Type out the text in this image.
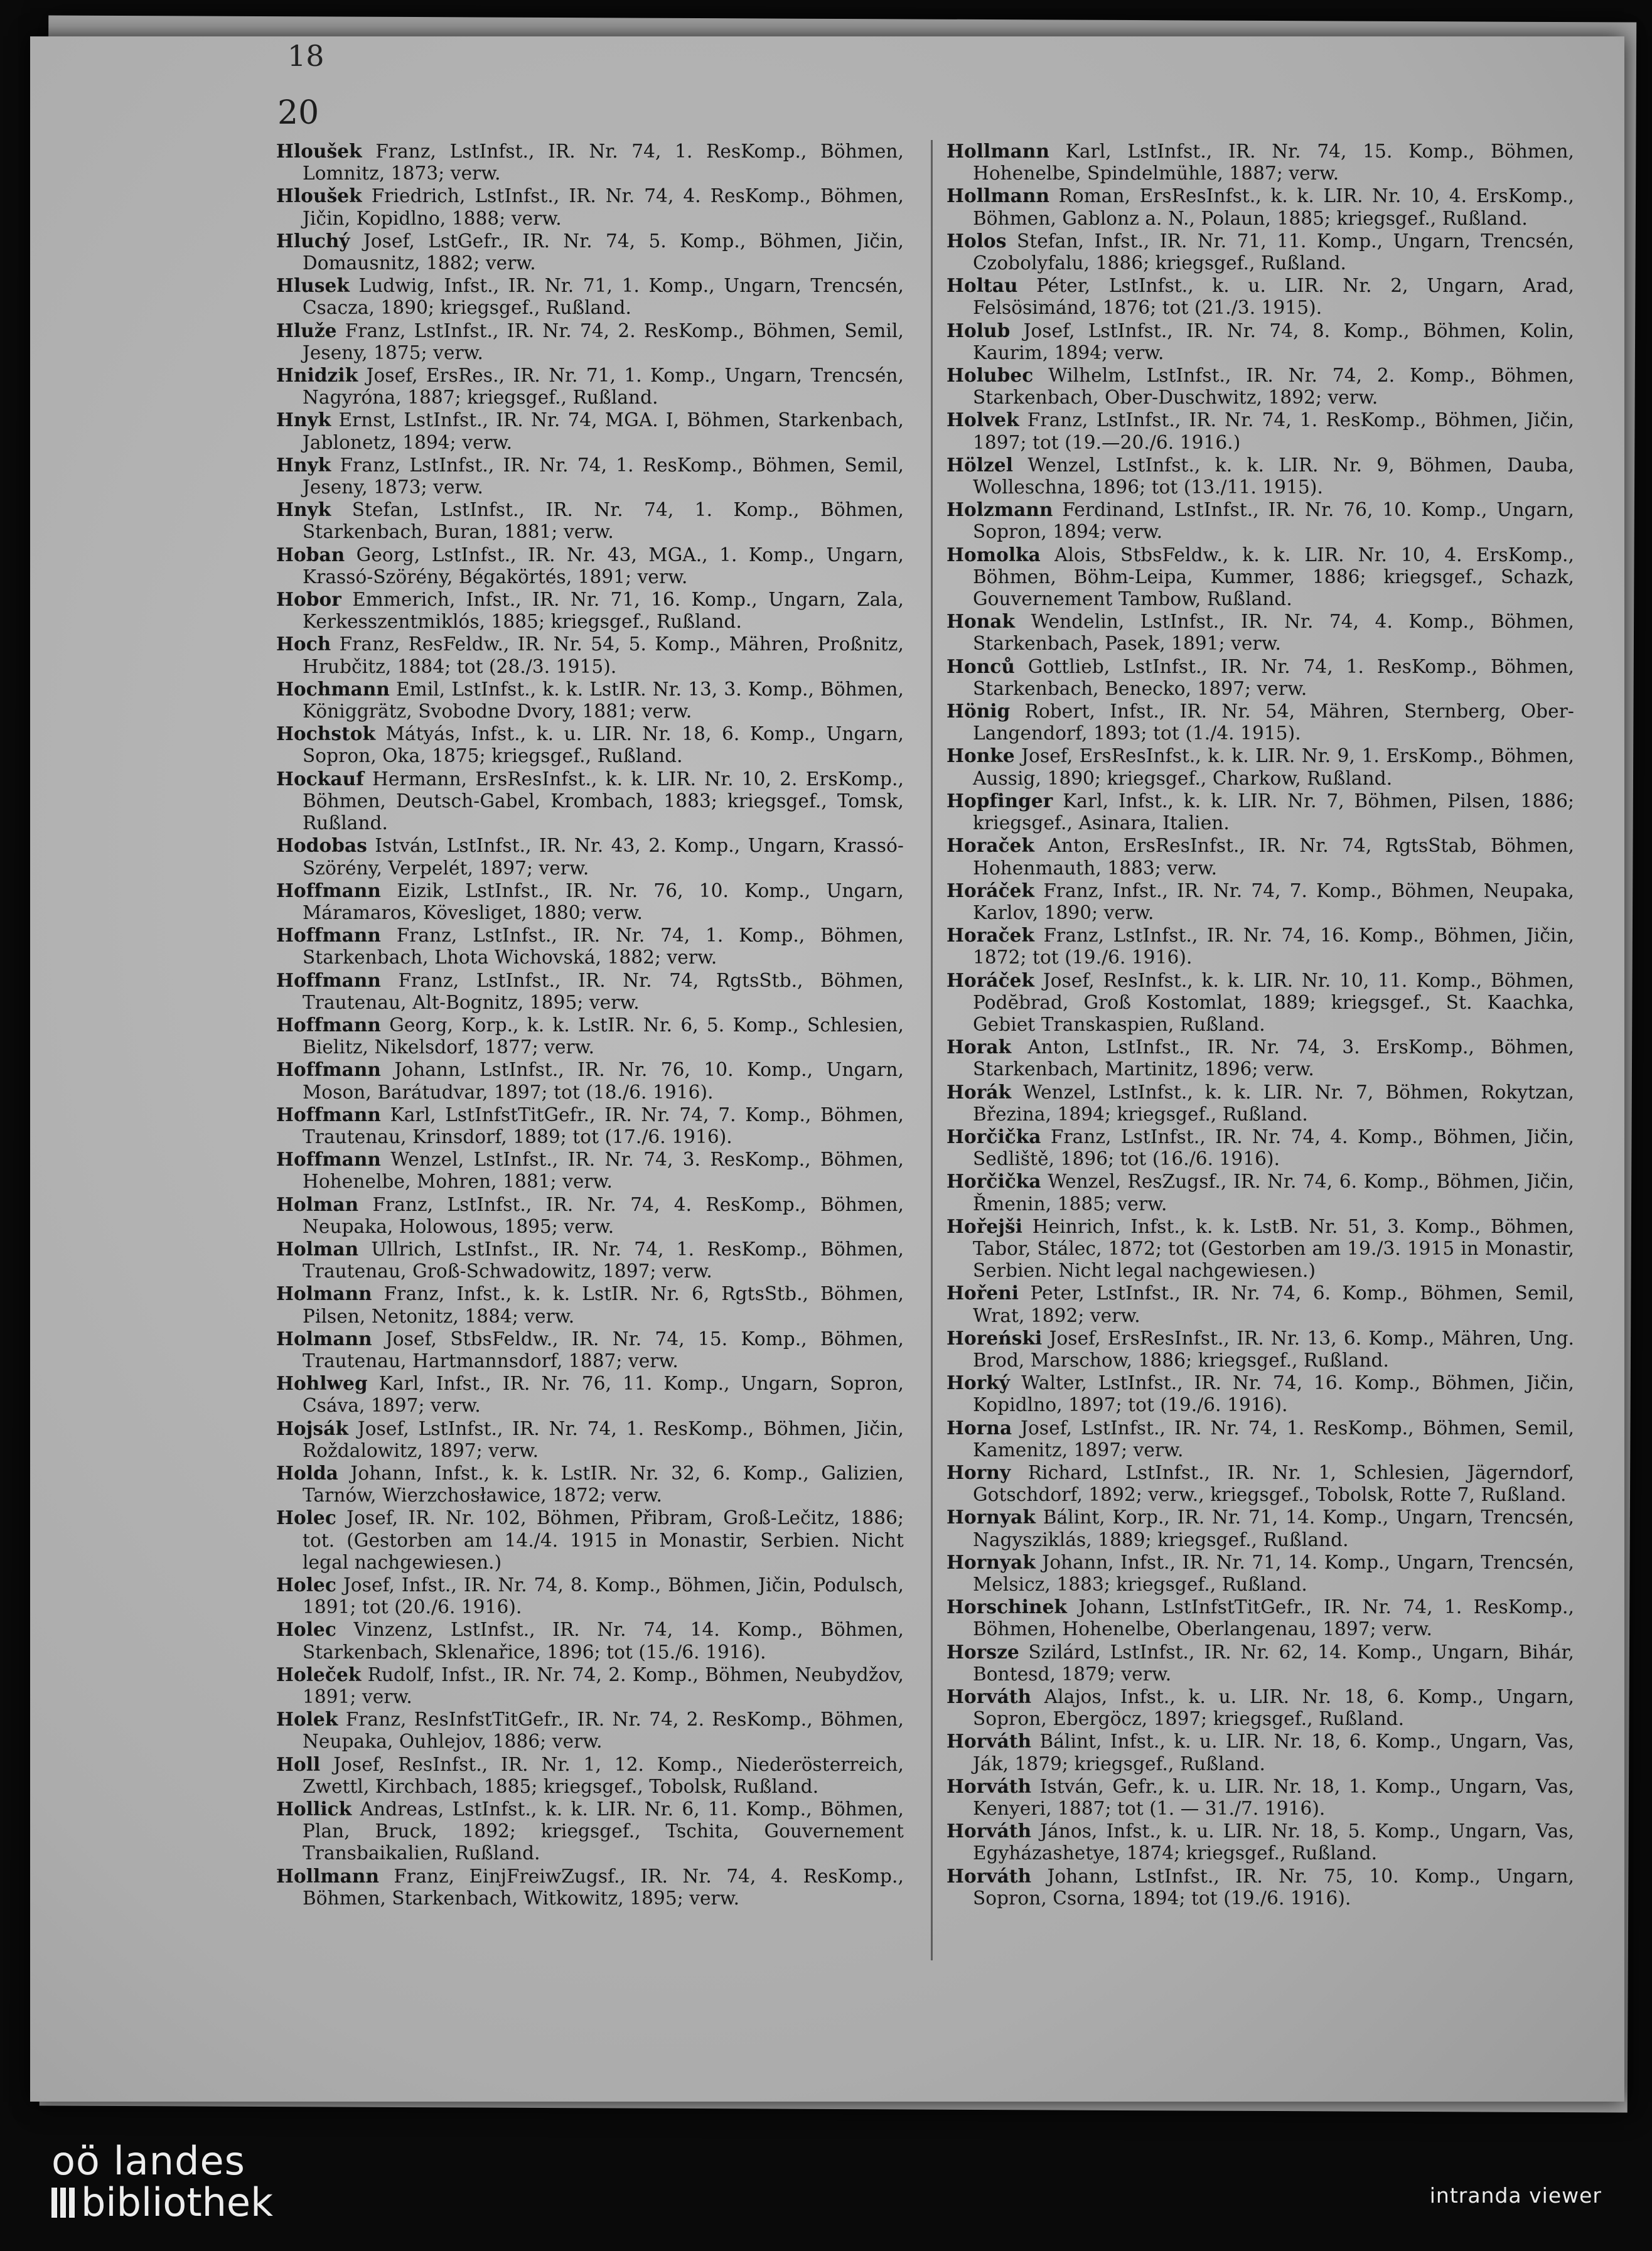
18
20

Hloušek Franz, LstInfst., IR. Nr. 74, 1. ResKomp., Böhmen, Lomnitz, 1873; verw.

Hloušek Friedrich, LstInfst., IR. Nr. 74, 4. ResKomp., Böhmen, Jičin, Kopidlno, 1888; verw.

Hluchý Josef, LstGefr., IR. Nr. 74, 5. Komp., Böhmen, Jičin, Domausnitz, 1882; verw.

Hlusek Ludwig, Infst., IR. Nr. 71, 1. Komp., Ungarn, Trencsén, Csacza, 1890; kriegsgef., Rußland.

Hluže Franz, LstInfst., IR. Nr. 74, 2. ResKomp., Böhmen, Semil, Jeseny, 1875; verw.

Hnidzik Josef, ErsRes., IR. Nr. 71, 1. Komp., Ungarn, Trencsén, Nagyróna, 1887; kriegsgef., Rußland.

Hnyk Ernst, LstInfst., IR. Nr. 74, MGA. I, Böhmen, Starkenbach, Jablonetz, 1894; verw.

Hnyk Franz, LstInfst., IR. Nr. 74, 1. ResKomp., Böhmen, Semil, Jeseny, 1873; verw.

Hnyk Stefan, LstInfst., IR. Nr. 74, 1. Komp., Böhmen, Starkenbach, Buran, 1881; verw.

Hoban Georg, LstInfst., IR. Nr. 43, MGA., 1. Komp., Ungarn, Krassó-Szörény, Bégakörtés, 1891; verw.

Hobor Emmerich, Infst., IR. Nr. 71, 16. Komp., Ungarn, Zala, Kerkesszentmiklós, 1885; kriegsgef., Rußland.

Hoch Franz, ResFeldw., IR. Nr. 54, 5. Komp., Mähren, Proßnitz, Hrubčitz, 1884; tot (28./3. 1915).

Hochmann Emil, LstInfst., k. k. LstIR. Nr. 13, 3. Komp., Böhmen, Königgrätz, Svobodne Dvory, 1881; verw.

Hochstok Mátyás, Infst., k. u. LIR. Nr. 18, 6. Komp., Ungarn, Sopron, Oka, 1875; kriegsgef., Rußland.

Hockauf Hermann, ErsResInfst., k. k. LIR. Nr. 10, 2. ErsKomp., Böhmen, Deutsch-Gabel, Krombach, 1883; kriegsgef., Tomsk, Rußland.

Hodobas István, LstInfst., IR. Nr. 43, 2. Komp., Ungarn, Krassó-Szörény, Verpelét, 1897; verw.

Hoffmann Eizik, LstInfst., IR. Nr. 76, 10. Komp., Ungarn, Máramaros, Kövesliget, 1880; verw.

Hoffmann Franz, LstInfst., IR. Nr. 74, 1. Komp., Böhmen, Starkenbach, Lhota Wichovská, 1882; verw.

Hoffmann Franz, LstInfst., IR. Nr. 74, RgtsStb., Böhmen, Trautenau, Alt-Bognitz, 1895; verw.

Hoffmann Georg, Korp., k. k. LstIR. Nr. 6, 5. Komp., Schlesien, Bielitz, Nikelsdorf, 1877; verw.

Hoffmann Johann, LstInfst., IR. Nr. 76, 10. Komp., Ungarn, Moson, Barátudvar, 1897; tot (18./6. 1916).

Hoffmann Karl, LstInfstTitGefr., IR. Nr. 74, 7. Komp., Böhmen, Trautenau, Krinsdorf, 1889; tot (17./6. 1916).

Hoffmann Wenzel, LstInfst., IR. Nr. 74, 3. ResKomp., Böhmen, Hohenelbe, Mohren, 1881; verw.

Holman Franz, LstInfst., IR. Nr. 74, 4. ResKomp., Böhmen, Neupaka, Holowous, 1895; verw.

Holman Ullrich, LstInfst., IR. Nr. 74, 1. ResKomp., Böhmen, Trautenau, Groß-Schwadowitz, 1897; verw.

Holmann Franz, Infst., k. k. LstIR. Nr. 6, RgtsStb., Böhmen, Pilsen, Netonitz, 1884; verw.

Holmann Josef, StbsFeldw., IR. Nr. 74, 15. Komp., Böhmen, Trautenau, Hartmannsdorf, 1887; verw.

Hohlweg Karl, Infst., IR. Nr. 76, 11. Komp., Ungarn, Sopron, Csáva, 1897; verw.

Hojsák Josef, LstInfst., IR. Nr. 74, 1. ResKomp., Böhmen, Jičin, Roždalowitz, 1897; verw.

Holda Johann, Infst., k. k. LstIR. Nr. 32, 6. Komp., Galizien, Tarnów, Wierzchosławice, 1872; verw.

Holec Josef, IR. Nr. 102, Böhmen, Přibram, Groß-Lečitz, 1886; tot. (Gestorben am 14./4. 1915 in Monastir, Serbien. Nicht legal nachgewiesen.)

Holec Josef, Infst., IR. Nr. 74, 8. Komp., Böhmen, Jičin, Podulsch, 1891; tot (20./6. 1916).

Holec Vinzenz, LstInfst., IR. Nr. 74, 14. Komp., Böhmen, Starkenbach, Sklenařice, 1896; tot (15./6. 1916).

Holeček Rudolf, Infst., IR. Nr. 74, 2. Komp., Böhmen, Neubydžov, 1891; verw.

Holek Franz, ResInfstTitGefr., IR. Nr. 74, 2. ResKomp., Böhmen, Neupaka, Ouhlejov, 1886; verw.

Holl Josef, ResInfst., IR. Nr. 1, 12. Komp., Niederösterreich, Zwettl, Kirchbach, 1885; kriegsgef., Tobolsk, Rußland.

Hollick Andreas, LstInfst., k. k. LIR. Nr. 6, 11. Komp., Böhmen, Plan, Bruck, 1892; kriegsgef., Tschita, Gouvernement Transbaikalien, Rußland.

Hollmann Franz, EinjFreiwZugsf., IR. Nr. 74, 4. ResKomp., Böhmen, Starkenbach, Witkowitz, 1895; verw.

Hollmann Karl, LstInfst., IR. Nr. 74, 15. Komp., Böhmen, Hohenelbe, Spindelmühle, 1887; verw.

Hollmann Roman, ErsResInfst., k. k. LIR. Nr. 10, 4. ErsKomp., Böhmen, Gablonz a. N., Polaun, 1885; kriegsgef., Rußland.

Holos Stefan, Infst., IR. Nr. 71, 11. Komp., Ungarn, Trencsén, Czobolyfalu, 1886; kriegsgef., Rußland.

Holtau Péter, LstInfst., k. u. LIR. Nr. 2, Ungarn, Arad, Felsösimánd, 1876; tot (21./3. 1915).

Holub Josef, LstInfst., IR. Nr. 74, 8. Komp., Böhmen, Kolin, Kaurim, 1894; verw.

Holubec Wilhelm, LstInfst., IR. Nr. 74, 2. Komp., Böhmen, Starkenbach, Ober-Duschwitz, 1892; verw.

Holvek Franz, LstInfst., IR. Nr. 74, 1. ResKomp., Böhmen, Jičin, 1897; tot (19.—20./6. 1916.)

Hölzel Wenzel, LstInfst., k. k. LIR. Nr. 9, Böhmen, Dauba, Wolleschna, 1896; tot (13./11. 1915).

Holzmann Ferdinand, LstInfst., IR. Nr. 76, 10. Komp., Ungarn, Sopron, 1894; verw.

Homolka Alois, StbsFeldw., k. k. LIR. Nr. 10, 4. ErsKomp., Böhmen, Böhm-Leipa, Kummer, 1886; kriegsgef., Schazk, Gouvernement Tambow, Rußland.

Honak Wendelin, LstInfst., IR. Nr. 74, 4. Komp., Böhmen, Starkenbach, Pasek, 1891; verw.

Honců Gottlieb, LstInfst., IR. Nr. 74, 1. ResKomp., Böhmen, Starkenbach, Benecko, 1897; verw.

Hönig Robert, Infst., IR. Nr. 54, Mähren, Sternberg, Ober-Langendorf, 1893; tot (1./4. 1915).

Honke Josef, ErsResInfst., k. k. LIR. Nr. 9, 1. ErsKomp., Böhmen, Aussig, 1890; kriegsgef., Charkow, Rußland.

Hopfinger Karl, Infst., k. k. LIR. Nr. 7, Böhmen, Pilsen, 1886; kriegsgef., Asinara, Italien.

Horaček Anton, ErsResInfst., IR. Nr. 74, RgtsStab, Böhmen, Hohenmauth, 1883; verw.

Horáček Franz, Infst., IR. Nr. 74, 7. Komp., Böhmen, Neupaka, Karlov, 1890; verw.

Horaček Franz, LstInfst., IR. Nr. 74, 16. Komp., Böhmen, Jičin, 1872; tot (19./6. 1916).

Horáček Josef, ResInfst., k. k. LIR. Nr. 10, 11. Komp., Böhmen, Podĕbrad, Groß Kostomlat, 1889; kriegsgef., St. Kaachka, Gebiet Transkaspien, Rußland.

Horak Anton, LstInfst., IR. Nr. 74, 3. ErsKomp., Böhmen, Starkenbach, Martinitz, 1896; verw.

Horák Wenzel, LstInfst., k. k. LIR. Nr. 7, Böhmen, Rokytzan, Březina, 1894; kriegsgef., Rußland.

Horčička Franz, LstInfst., IR. Nr. 74, 4. Komp., Böhmen, Jičin, Sedliště, 1896; tot (16./6. 1916).

Horčička Wenzel, ResZugsf., IR. Nr. 74, 6. Komp., Böhmen, Jičin, Řmenin, 1885; verw.

Hořejši Heinrich, Infst., k. k. LstB. Nr. 51, 3. Komp., Böhmen, Tabor, Stálec, 1872; tot (Gestorben am 19./3. 1915 in Monastir, Serbien. Nicht legal nachgewiesen.)

Hořeni Peter, LstInfst., IR. Nr. 74, 6. Komp., Böhmen, Semil, Wrat, 1892; verw.

Horeński Josef, ErsResInfst., IR. Nr. 13, 6. Komp., Mähren, Ung. Brod, Marschow, 1886; kriegsgef., Rußland.

Horký Walter, LstInfst., IR. Nr. 74, 16. Komp., Böhmen, Jičin, Kopidlno, 1897; tot (19./6. 1916).

Horna Josef, LstInfst., IR. Nr. 74, 1. ResKomp., Böhmen, Semil, Kamenitz, 1897; verw.

Horny Richard, LstInfst., IR. Nr. 1, Schlesien, Jägerndorf, Gotschdorf, 1892; verw., kriegsgef., Tobolsk, Rotte 7, Rußland.

Hornyak Bálint, Korp., IR. Nr. 71, 14. Komp., Ungarn, Trencsén, Nagysziklás, 1889; kriegsgef., Rußland.

Hornyak Johann, Infst., IR. Nr. 71, 14. Komp., Ungarn, Trencsén, Melsicz, 1883; kriegsgef., Rußland.

Horschinek Johann, LstInfstTitGefr., IR. Nr. 74, 1. ResKomp., Böhmen, Hohenelbe, Oberlangenau, 1897; verw.

Horsze Szilárd, LstInfst., IR. Nr. 62, 14. Komp., Ungarn, Bihár, Bontesd, 1879; verw.

Horváth Alajos, Infst., k. u. LIR. Nr. 18, 6. Komp., Ungarn, Sopron, Ebergöcz, 1897; kriegsgef., Rußland.

Horváth Bálint, Infst., k. u. LIR. Nr. 18, 6. Komp., Ungarn, Vas, Ják, 1879; kriegsgef., Rußland.

Horváth István, Gefr., k. u. LIR. Nr. 18, 1. Komp., Ungarn, Vas, Kenyeri, 1887; tot (1. — 31./7. 1916).

Horváth János, Infst., k. u. LIR. Nr. 18, 5. Komp., Ungarn, Vas, Egyházashetye, 1874; kriegsgef., Rußland.

Horváth Johann, LstInfst., IR. Nr. 75, 10. Komp., Ungarn, Sopron, Csorna, 1894; tot (19./6. 1916).

oö landes
bibliothek	intranda viewer
